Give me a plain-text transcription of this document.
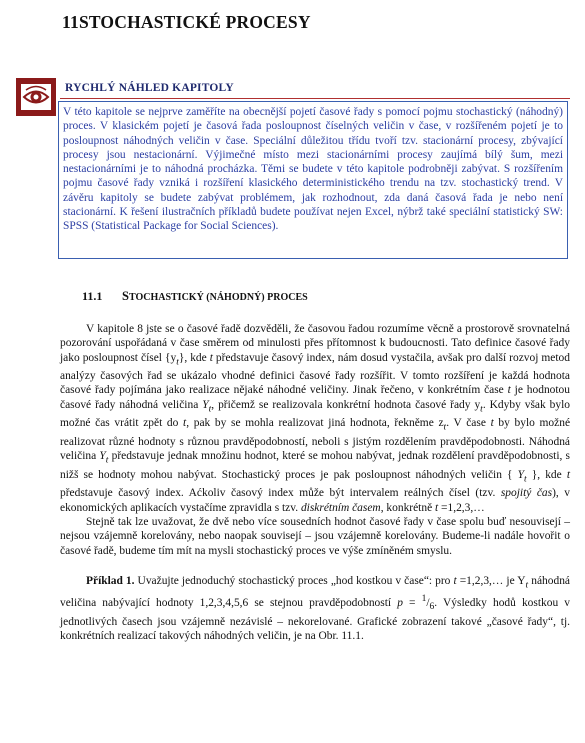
11STOCHASTICKÉ PROCESY
RYCHLÝ NÁHLED KAPITOLY

V této kapitole se nejprve zaměříte na obecnější pojetí časové řady s pomocí pojmu stochastický (náhodný) proces. V klasickém pojetí je časová řada posloupnost číselných veličin v čase, v rozšířeném pojetí je to posloupnost náhodných veličin v čase. Speciální důležitou třídu tvoří tzv. stacionární procesy, zbývající procesy jsou nestacionární. Výjimečné místo mezi stacionárními procesy zaujímá bílý šum, mezi nestacionárními je to náhodná procházka. Těmi se budete v této kapitole podrobněji zabývat. S rozšířením pojmu časové řady vzniká i rozšíření klasického deterministického trendu na tzv. stochastický trend. V závěru kapitoly se budete zabývat problémem, jak rozhodnout, zda daná časová řada je nebo není stacionární. K řešení ilustračních příkladů budete používat nejen Excel, nýbrž také speciální statistický SW: SPSS (Statistical Package for Social Sciences).

11.1 STOCHASTICKÝ (NÁHODNÝ) PROCES

V kapitole 8 jste se o časové řadě dozvěděli, že časovou řadou rozumíme věcně a prostorově srovnatelná pozorování uspořádaná v čase směrem od minulosti přes přítomnost k budoucnosti. Tato definice časové řady jako posloupnost čísel $\{y_t\}$, kde t představuje časový index, nám dosud vystačila, avšak pro další rozvoj metod analýzy časových řad se ukázalo vhodné definici časové řady rozšířit. V tomto rozšíření je každá hodnota časové řady pojímána jako realizace nějaké náhodné veličiny. Jinak řečeno, v konkrétním čase t je hodnotou časové řady náhodná veličina $Y_t$, přičemž se realizovala konkrétní hodnota časové řady $y_t$. Kdyby však bylo možné čas vrátit zpět do t, pak by se mohla realizovat jiná hodnota, řekněme $z_t$. V čase t by bylo možné realizovat různé hodnoty s různou pravděpodobností, neboli s jistým rozdělením pravděpodobnosti. Náhodná veličina $Y_t$ představuje jednak množinu hodnot, které se mohou nabývat, jednak rozdělení pravděpodobnosti, s nižš se hodnoty mohou nabývat. Stochastický proces je pak posloupnost náhodných veličin { $Y_t$ }, kde t představuje časový index. Aćkoliv časový index může být intervalem reálných čísel (tzv. spojitý čas), v ekonomických aplikacích vystačíme zpravidla s tzv. diskrétním časem, konkrétně t =1,2,3,…

Stejně tak lze uvažovat, že dvě nebo více sousedních hodnot časové řady v čase spolu buď nesouvisejí – nejsou vzájemně korelovány, nebo naopak souvisejí – jsou vzájemně korelovány. Budeme-li nadále hovořit o časové řadě, budeme tím mít na mysli stochastický proces ve výše zmíněném smyslu.

Příklad 1. Uvažujte jednoduchý stochastický proces „hod kostkou v čase“: pro t =1,2,3,… je $Y_t$ náhodná veličina nabývající hodnoty 1,2,3,4,5,6 se stejnou pravděpodobností $p = ^1/_6$. Výsledky hodů kostkou v jednotlivých časech jsou vzájemně nezávislé – nekorelované. Grafické zobrazení takové „časové řady“, tj. konkrétních realizací takových náhodných veličin, je na Obr. 11.1.
